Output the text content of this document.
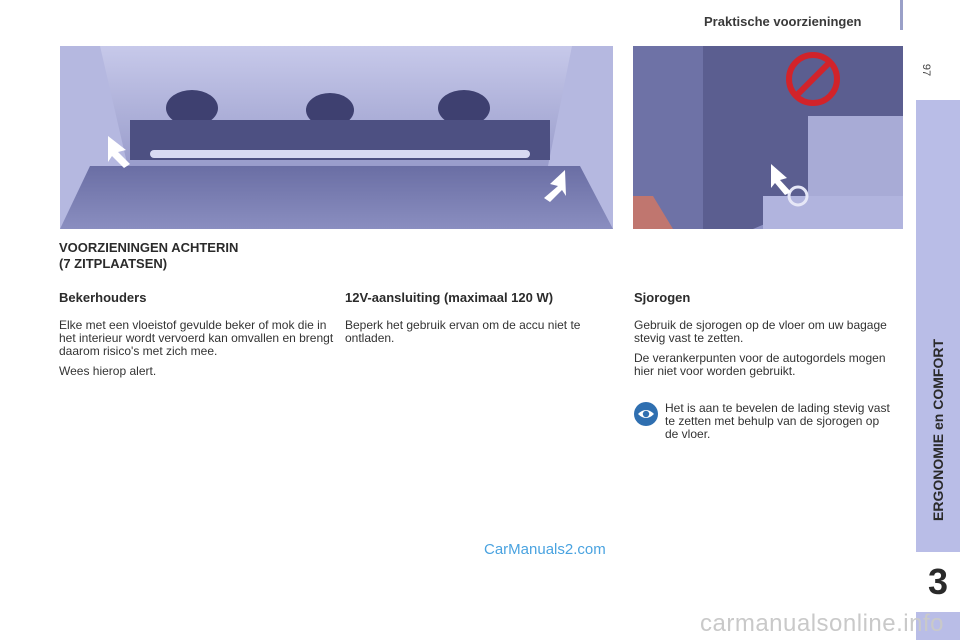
Praktische voorzieningen
97
ERGONOMIE en COMFORT
3
VOORZIENINGEN ACHTERIN
(7 ZITPLAATSEN)
Bekerhouders

Elke met een vloeistof gevulde beker of mok die in het interieur wordt vervoerd kan omvallen en brengt daarom risico's met zich mee.

Wees hierop alert.

12V-aansluiting (maximaal 120 W)

Beperk het gebruik ervan om de accu niet te ontladen.

Sjorogen

Gebruik de sjorogen op de vloer om uw bagage stevig vast te zetten.

De verankerpunten voor de autogordels mogen hier niet voor worden gebruikt.

Het is aan te bevelen de lading stevig vast te zetten met behulp van de sjorogen op de vloer.

CarManuals2.com
carmanualsonline.info
